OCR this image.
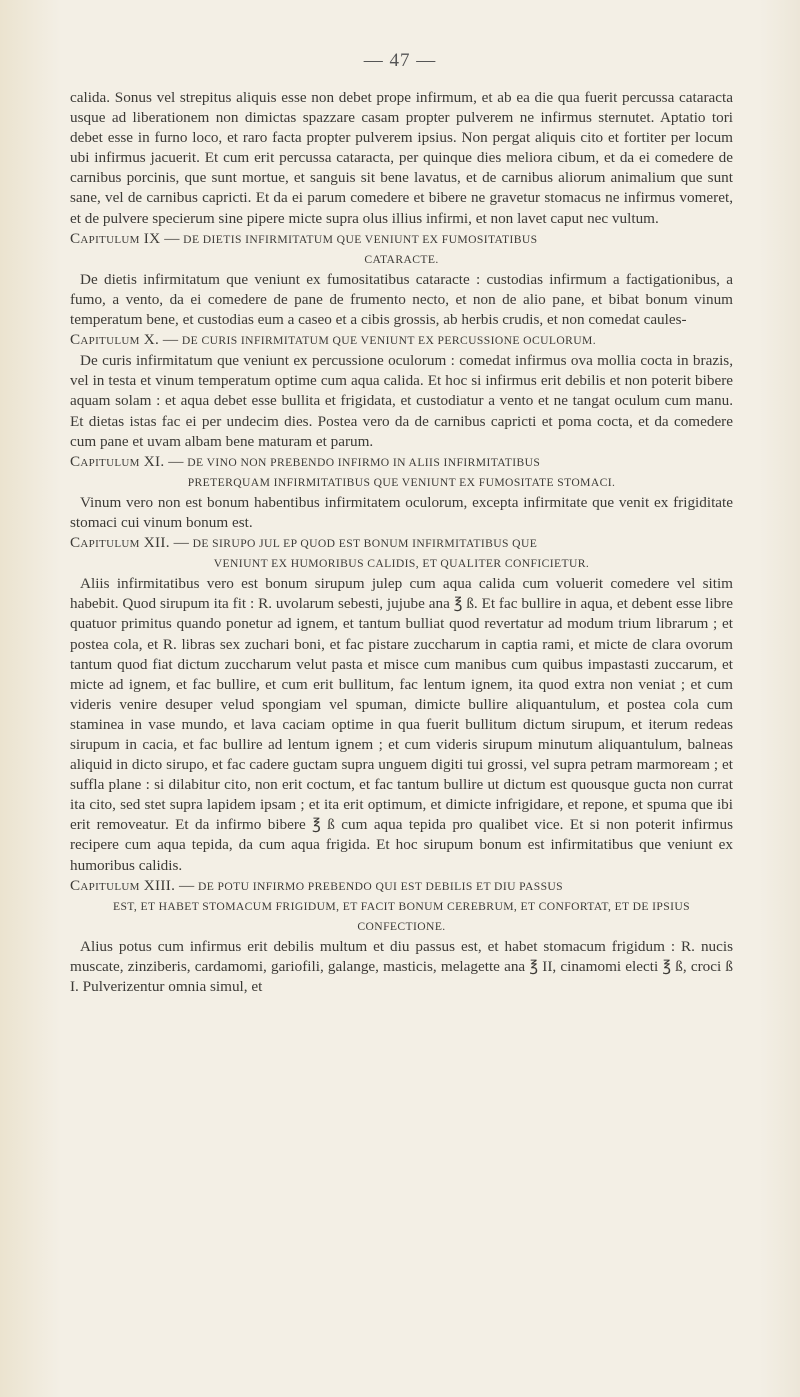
— 47 —

calida. Sonus vel strepitus aliquis esse non debet prope infirmum, et ab ea die qua fuerit percussa cataracta usque ad liberationem non dimictas spazzare casam propter pulverem ne infirmus sternutet. Aptatio tori debet esse in furno loco, et raro facta propter pulverem ipsius. Non pergat aliquis cito et fortiter per locum ubi infirmus jacuerit. Et cum erit percussa cataracta, per quinque dies meliora cibum, et da ei comedere de carnibus porcinis, que sunt mortue, et sanguis sit bene lavatus, et de carnibus aliorum animalium que sunt sane, vel de carnibus capricti. Et da ei parum comedere et bibere ne gravetur stomacus ne infirmus vomeret, et de pulvere specierum sine pipere micte supra olus illius infirmi, et non lavet caput nec vultum.

Capitulum IX — DE DIETIS INFIRMITATUM QUE VENIUNT EX FUMOSITATIBUS
CATARACTE.

De dietis infirmitatum que veniunt ex fumositatibus cataracte : custodias infirmum a factigationibus, a fumo, a vento, da ei comedere de pane de frumento necto, et non de alio pane, et bibat bonum vinum temperatum bene, et custodias eum a caseo et a cibis grossis, ab herbis crudis, et non comedat caules-

Capitulum X. — DE CURIS INFIRMITATUM QUE VENIUNT EX PERCUSSIONE OCULORUM.

De curis infirmitatum que veniunt ex percussione oculorum : comedat infirmus ova mollia cocta in brazis, vel in testa et vinum temperatum optime cum aqua calida. Et hoc si infirmus erit debilis et non poterit bibere aquam solam : et aqua debet esse bullita et frigidata, et custodiatur a vento et ne tangat oculum cum manu. Et dietas istas fac ei per undecim dies. Postea vero da de carnibus capricti et poma cocta, et da comedere cum pane et uvam albam bene maturam et parum.

Capitulum XI. — DE VINO NON PREBENDO INFIRMO IN ALIIS INFIRMITATIBUS
PRETERQUAM INFIRMITATIBUS QUE VENIUNT EX FUMOSITATE STOMACI.

Vinum vero non est bonum habentibus infirmitatem oculorum, excepta infirmitate que venit ex frigiditate stomaci cui vinum bonum est.

Capitulum XII. — DE SIRUPO JUL EP QUOD EST BONUM INFIRMITATIBUS QUE
VENIUNT EX HUMORIBUS CALIDIS, ET QUALITER CONFICIETUR.

Aliis infirmitatibus vero est bonum sirupum julep cum aqua calida cum voluerit comedere vel sitim habebit. Quod sirupum ita fit : R. uvolarum sebesti, jujube ana ℥ ß. Et fac bullire in aqua, et debent esse libre quatuor primitus quando ponetur ad ignem, et tantum bulliat quod revertatur ad modum trium librarum ; et postea cola, et R. libras sex zuchari boni, et fac pistare zuccharum in captia rami, et micte de clara ovorum tantum quod fiat dictum zuccharum velut pasta et misce cum manibus cum quibus impastasti zuccarum, et micte ad ignem, et fac bullire, et cum erit bullitum, fac lentum ignem, ita quod extra non veniat ; et cum videris venire desuper velud spongiam vel spuman, dimicte bullire aliquantulum, et postea cola cum staminea in vase mundo, et lava caciam optime in qua fuerit bullitum dictum sirupum, et iterum redeas sirupum in cacia, et fac bullire ad lentum ignem ; et cum videris sirupum minutum aliquantulum, balneas aliquid in dicto sirupo, et fac cadere guctam supra unguem digiti tui grossi, vel supra petram marmoream ; et suffla plane : si dilabitur cito, non erit coctum, et fac tantum bullire ut dictum est quousque gucta non currat ita cito, sed stet supra lapidem ipsam ; et ita erit optimum, et dimicte infrigidare, et repone, et spuma que ibi erit removeatur. Et da infirmo bibere ℥ ß cum aqua tepida pro qualibet vice. Et si non poterit infirmus recipere cum aqua tepida, da cum aqua frigida. Et hoc sirupum bonum est infirmitatibus que veniunt ex humoribus calidis.

Capitulum XIII. — DE POTU INFIRMO PREBENDO QUI EST DEBILIS ET DIU PASSUS
EST, ET HABET STOMACUM FRIGIDUM, ET FACIT BONUM CEREBRUM, ET CONFORTAT, ET DE IPSIUS CONFECTIONE.

Alius potus cum infirmus erit debilis multum et diu passus est, et habet stomacum frigidum : R. nucis muscate, zinziberis, cardamomi, gariofili, galange, masticis, melagette ana ℥ II, cinamomi electi ℥ ß, croci ß I. Pulverizentur omnia simul, et
